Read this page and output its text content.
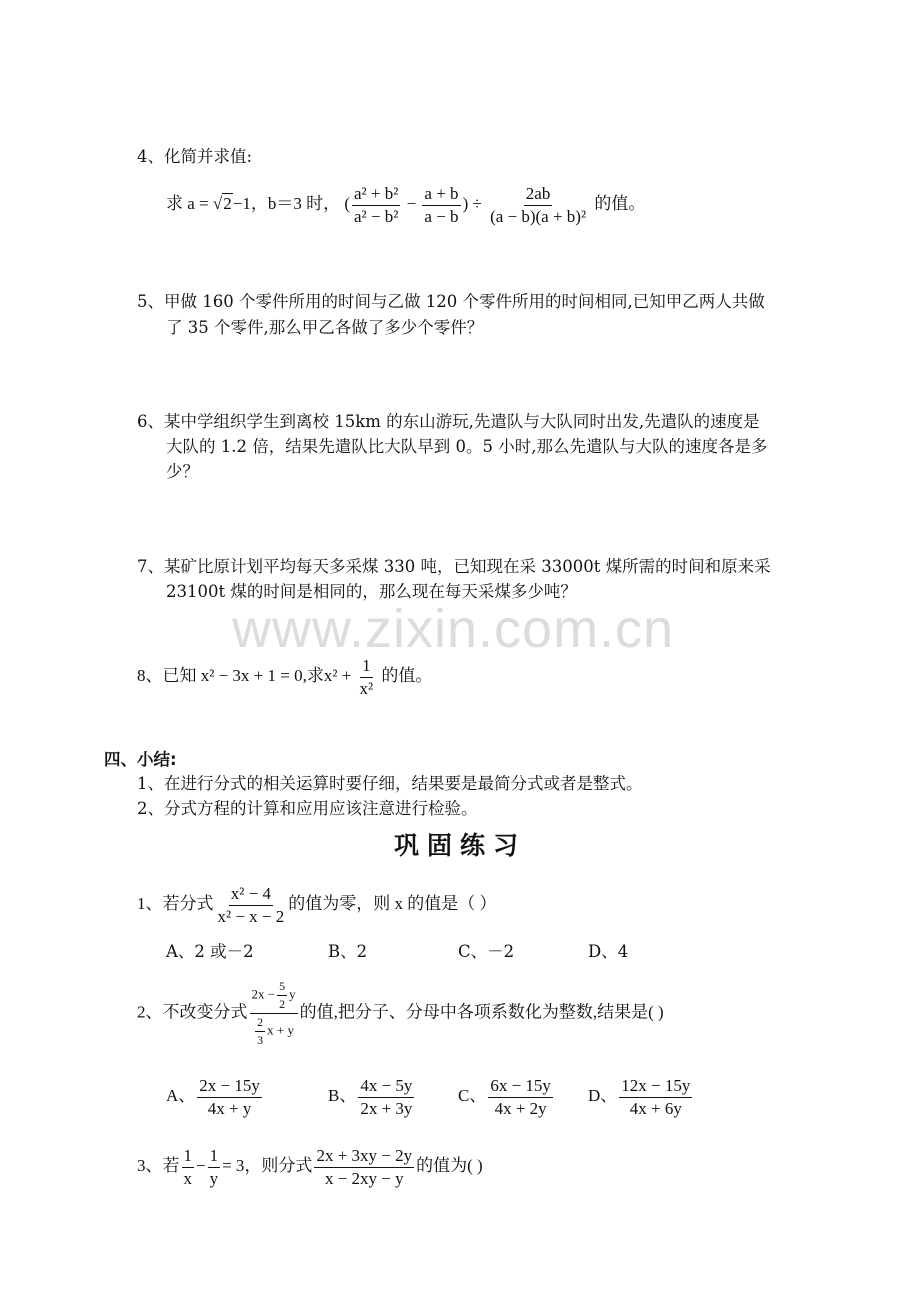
4、化简并求值:
求 a = √2−1，b＝3 时， ( $\frac{\text{a² + b²}}{\text{a² − b²}} - \frac{a + b}{a - b}$ ) ÷ $\frac{2ab}{\text{(a − b)(a + b)²}}$ 的值。
5、甲做 160 个零件所用的时间与乙做 120 个零件所用的时间相同,已知甲乙两人共做
了 35 个零件,那么甲乙各做了多少个零件？
6、某中学组织学生到离校 15km 的东山游玩,先遣队与大队同时出发,先遣队的速度是
大队的 1.2 倍，结果先遣队比大队早到 0。5 小时,那么先遣队与大队的速度各是多
少？
7、某矿比原计划平均每天多采煤 330 吨，已知现在采 33000t 煤所需的时间和原来采
23100t 煤的时间是相同的，那么现在每天采煤多少吨？
www.zixin.com.cn
8、已知 x² − 3x + 1 = 0,求$x^2 + \frac{1}{\text{x²}}$ 的值。
四、小结:
1、在进行分式的相关运算时要仔细，结果要是最简分式或者是整式。
2、分式方程的计算和应用应该注意进行检验。
巩固练习
1、若分式 $\frac{\text{x² − 4}}{\text{x² − x − 2}}$ 的值为零，则 x 的值是（ ）
A、2 或－2	B、2	C、－2	D、4
2、不改变分式 $\frac{2x - \frac{5}{2} y}{\frac{2}{3} x + y}$ 的值,把分子、分母中各项系数化为整数,结果是( )
A、 $\frac{2x - 15y}{4x + y}$	B、 $\frac{4x - 5y}{2x + 3y}$	C、 $\frac{6x - 15y}{4x + 2y}$ D、 $\frac{12x - 15y}{4x + 6y}$
3、若 $\frac{1}{x} - \frac{1}{y} = 3$，则分式 $\frac{2x + 3xy - 2y}{x - 2xy - y}$ 的值为( )
